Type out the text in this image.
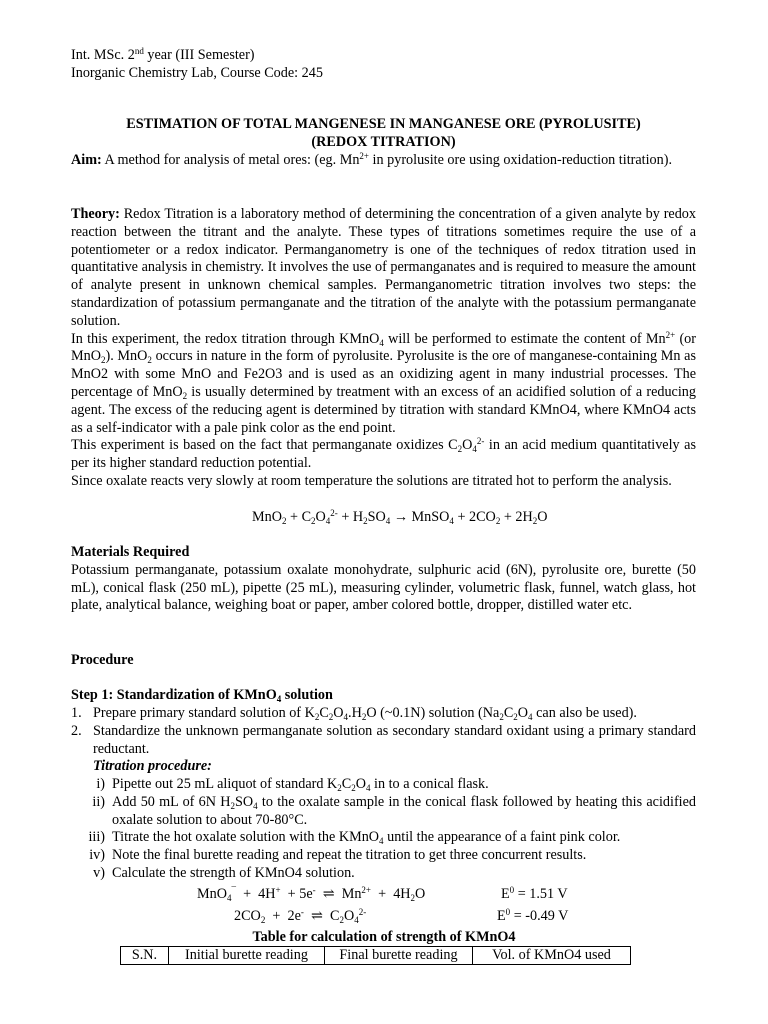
Int. MSc. 2nd year (III Semester)

Inorganic Chemistry Lab, Course Code: 245

ESTIMATION OF TOTAL MANGENESE IN MANGANESE ORE (PYROLUSITE)

(REDOX TITRATION)

Aim: A method for analysis of metal ores: (eg. $Mn^{2+}$ in pyrolusite ore using oxidation-reduction titration).

Theory: Redox Titration is a laboratory method of determining the concentration of a given analyte by redox reaction between the titrant and the analyte. These types of titrations sometimes require the use of a potentiometer or a redox indicator. Permanganometry is one of the techniques of redox titration used in quantitative analysis in chemistry. It involves the use of permanganates and is required to measure the amount of analyte present in unknown chemical samples. Permanganometric titration involves two steps: the standardization of potassium permanganate and the titration of the analyte with the potassium permanganate solution.

In this experiment, the redox titration through KMnO$_4$ will be performed to estimate the content of $Mn^{2+}$ (or MnO$_2$). MnO$_2$ occurs in nature in the form of pyrolusite. Pyrolusite is the ore of manganese-containing Mn as MnO2 with some MnO and Fe2O3 and is used as an oxidizing agent in many industrial processes. The percentage of MnO$_2$ is usually determined by treatment with an excess of an acidified solution of a reducing agent. The excess of the reducing agent is determined by titration with standard KMnO4, where KMnO4 acts as a self-indicator with a pale pink color as the end point.

This experiment is based on the fact that permanganate oxidizes $C_2O_4^{2-}$ in an acid medium quantitatively as per its higher standard reduction potential.

Since oxalate reacts very slowly at room temperature the solutions are titrated hot to perform the analysis.

$MnO_2 + C_2O_4^{2-} + H_2SO_4$ → MnSO$_4$ + $2CO_2 + 2H_2O$

Materials Required

Potassium permanganate, potassium oxalate monohydrate, sulphuric acid (6N), pyrolusite ore, burette (50 mL), conical flask (250 mL), pipette (25 mL), measuring cylinder, volumetric flask, funnel, watch glass, hot plate, analytical balance, weighing boat or paper, amber colored bottle, dropper, distilled water etc.

Procedure

Step 1: Standardization of KMnO$_4$ solution

1. Prepare primary standard solution of $K_2C_2O_4.H_2O$ (~0.1N) solution ($Na_2C_2O_4$ can also be used).
2. Standardize the unknown permanganate solution as secondary standard oxidant using a primary standard reductant.
Titration procedure:
i) Pipette out 25 mL aliquot of standard $K_2C_2O_4$ in to a conical flask.
ii) Add 50 mL of 6N $H_2SO_4$ to the oxalate sample in the conical flask followed by heating this acidified oxalate solution to about 70-80°C.
iii) Titrate the hot oxalate solution with the KMnO$_4$ until the appearance of a faint pink color.
iv) Note the final burette reading and repeat the titration to get three concurrent results.
v) Calculate the strength of KMnO4 solution.
MnO$_4$¯  +  4H+  + 5e-  ⇌  $Mn^{2+} + 4H_2O$	$E^0 = 1.51$ V
$2CO_2 + 2e^-$  ⇌  $C_2O_4^{2-}$	$E^0 = -0.49$ V
Table for calculation of strength of KMnO4
S.N.	Initial burette reading	Final burette reading	Vol. of KMnO4 used
